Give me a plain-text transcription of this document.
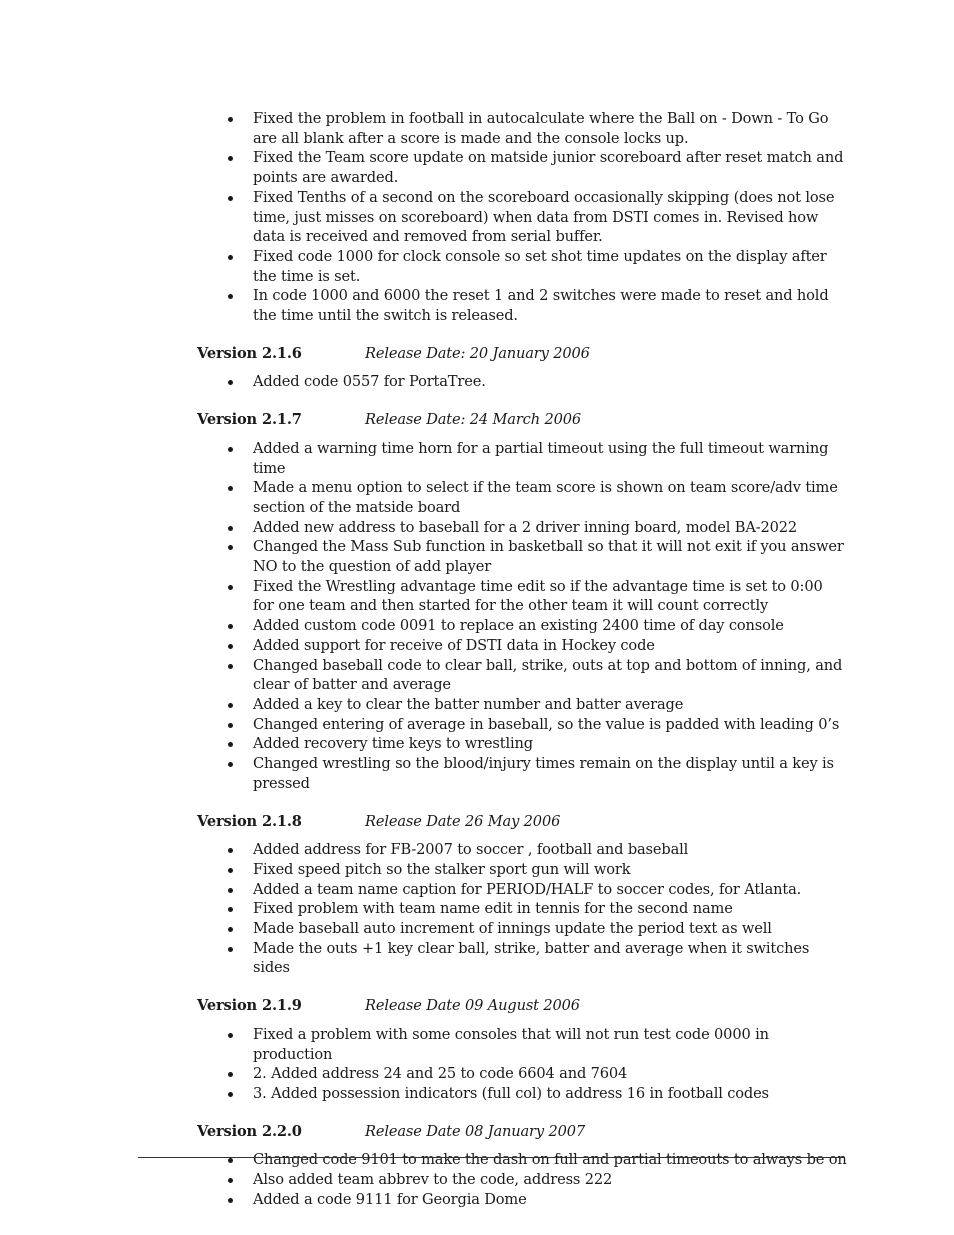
Fixed the problem in football in autocalculate where the Ball on - Down - To Go are all blank after a score is made and the console locks up.
Fixed the Team score update on matside junior scoreboard after reset match and points are awarded.
Fixed Tenths of a second on the scoreboard occasionally skipping (does not lose time, just misses on scoreboard) when data from DSTI comes in. Revised how data is received and removed from serial buffer.
Fixed code 1000 for clock console so set shot time updates on the display after the time is set.
In code 1000 and 6000 the reset 1 and 2 switches were made to reset and hold the time until the switch is released.
Version 2.1.6	Release Date: 20 January 2006
Added code 0557 for PortaTree.
Version 2.1.7	Release Date: 24 March 2006
Added a warning time horn for a partial timeout using the full timeout warning time
Made a menu option to select if the team score is shown on team score/adv time section of the matside board
Added new address to baseball for a 2 driver inning board, model BA-2022
Changed the Mass Sub function in basketball so that it will not exit if you answer NO to the question of add player
Fixed the Wrestling advantage time edit so if the advantage time is set to 0:00 for one team and then started for the other team it will count correctly
Added custom code 0091 to replace an existing 2400 time of day console
Added support for receive of DSTI data in Hockey code
Changed baseball code to clear ball, strike, outs at top and bottom of inning, and clear of batter and average
Added a key to clear the batter number and batter average
Changed entering of average in baseball, so the value is padded with leading 0’s
Added recovery time keys to wrestling
Changed wrestling so the blood/injury times remain on the display until a key is pressed
Version 2.1.8	Release Date 26 May 2006
Added address for FB-2007 to soccer , football and baseball
Fixed speed pitch so the stalker sport gun will work
Added a team name caption for PERIOD/HALF to soccer codes, for Atlanta.
Fixed problem with team name edit in tennis for the second name
Made baseball auto increment of innings update the period text as well
Made the outs +1 key clear ball, strike, batter and average when it switches sides
Version 2.1.9	Release Date 09 August 2006
Fixed a problem with some consoles that will not run test code 0000 in production
2. Added address 24 and 25 to code 6604 and 7604
3. Added possession indicators (full col) to address 16 in football codes
Version 2.2.0	Release Date 08 January 2007
Changed code 9101 to make the dash on full and partial timeouts to always be on
Also added team abbrev to the code, address 222
Added a code 9111 for Georgia Dome
